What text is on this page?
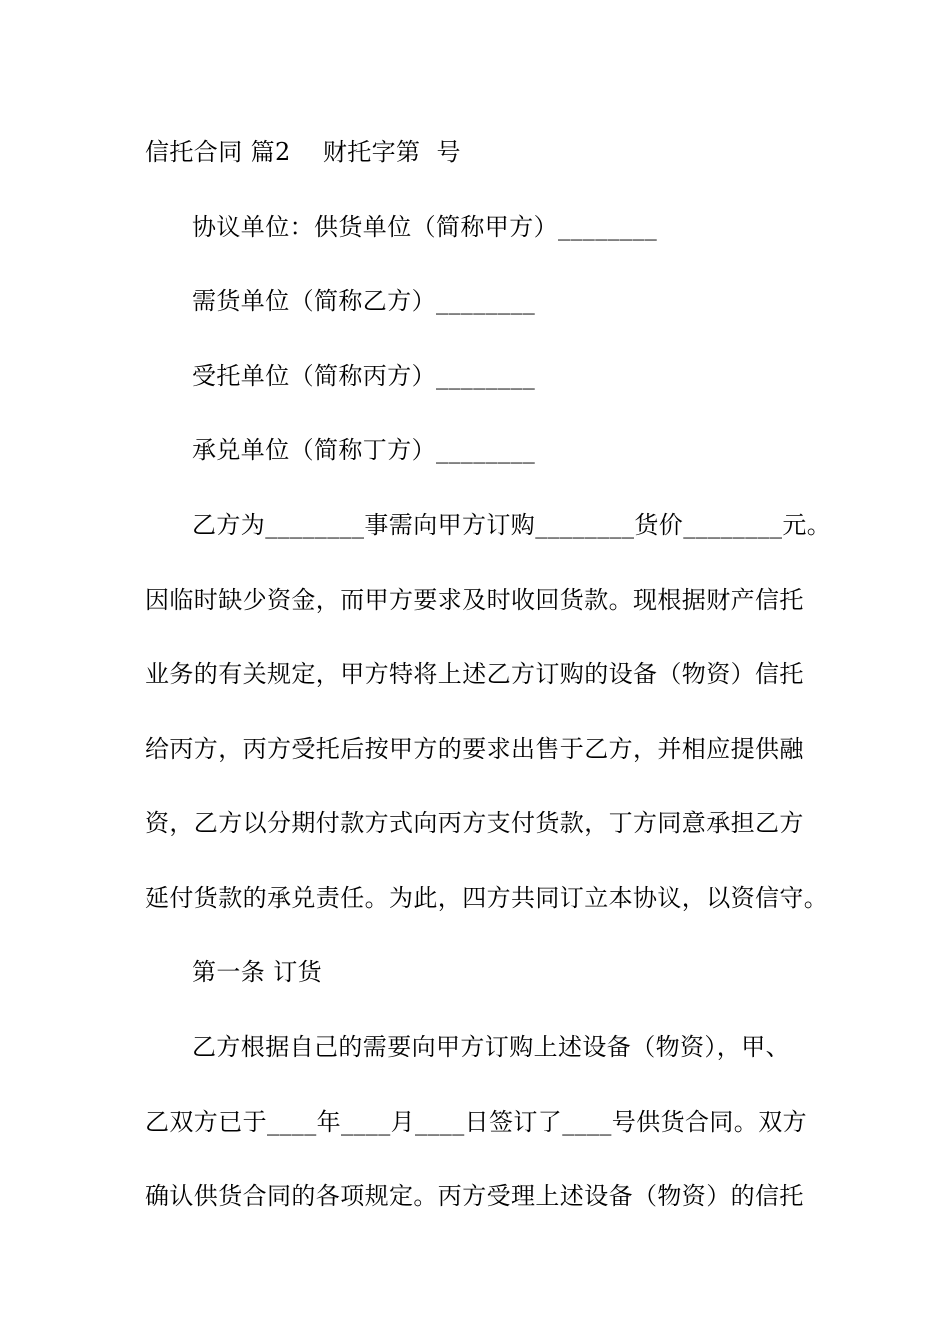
信托合同 篇2    财托字第  号
协议单位：供货单位（简称甲方）________
需货单位（简称乙方）________
受托单位（简称丙方）________
承兑单位（简称丁方）________
乙方为________事需向甲方订购________货价________元。
因临时缺少资金，而甲方要求及时收回货款。现根据财产信托
业务的有关规定，甲方特将上述乙方订购的设备（物资）信托
给丙方，丙方受托后按甲方的要求出售于乙方，并相应提供融
资，乙方以分期付款方式向丙方支付货款，丁方同意承担乙方
延付货款的承兑责任。为此，四方共同订立本协议，以资信守。
第一条 订货
乙方根据自己的需要向甲方订购上述设备（物资），甲、
乙双方已于____年____月____日签订了____号供货合同。双方
确认供货合同的各项规定。丙方受理上述设备（物资）的信托
